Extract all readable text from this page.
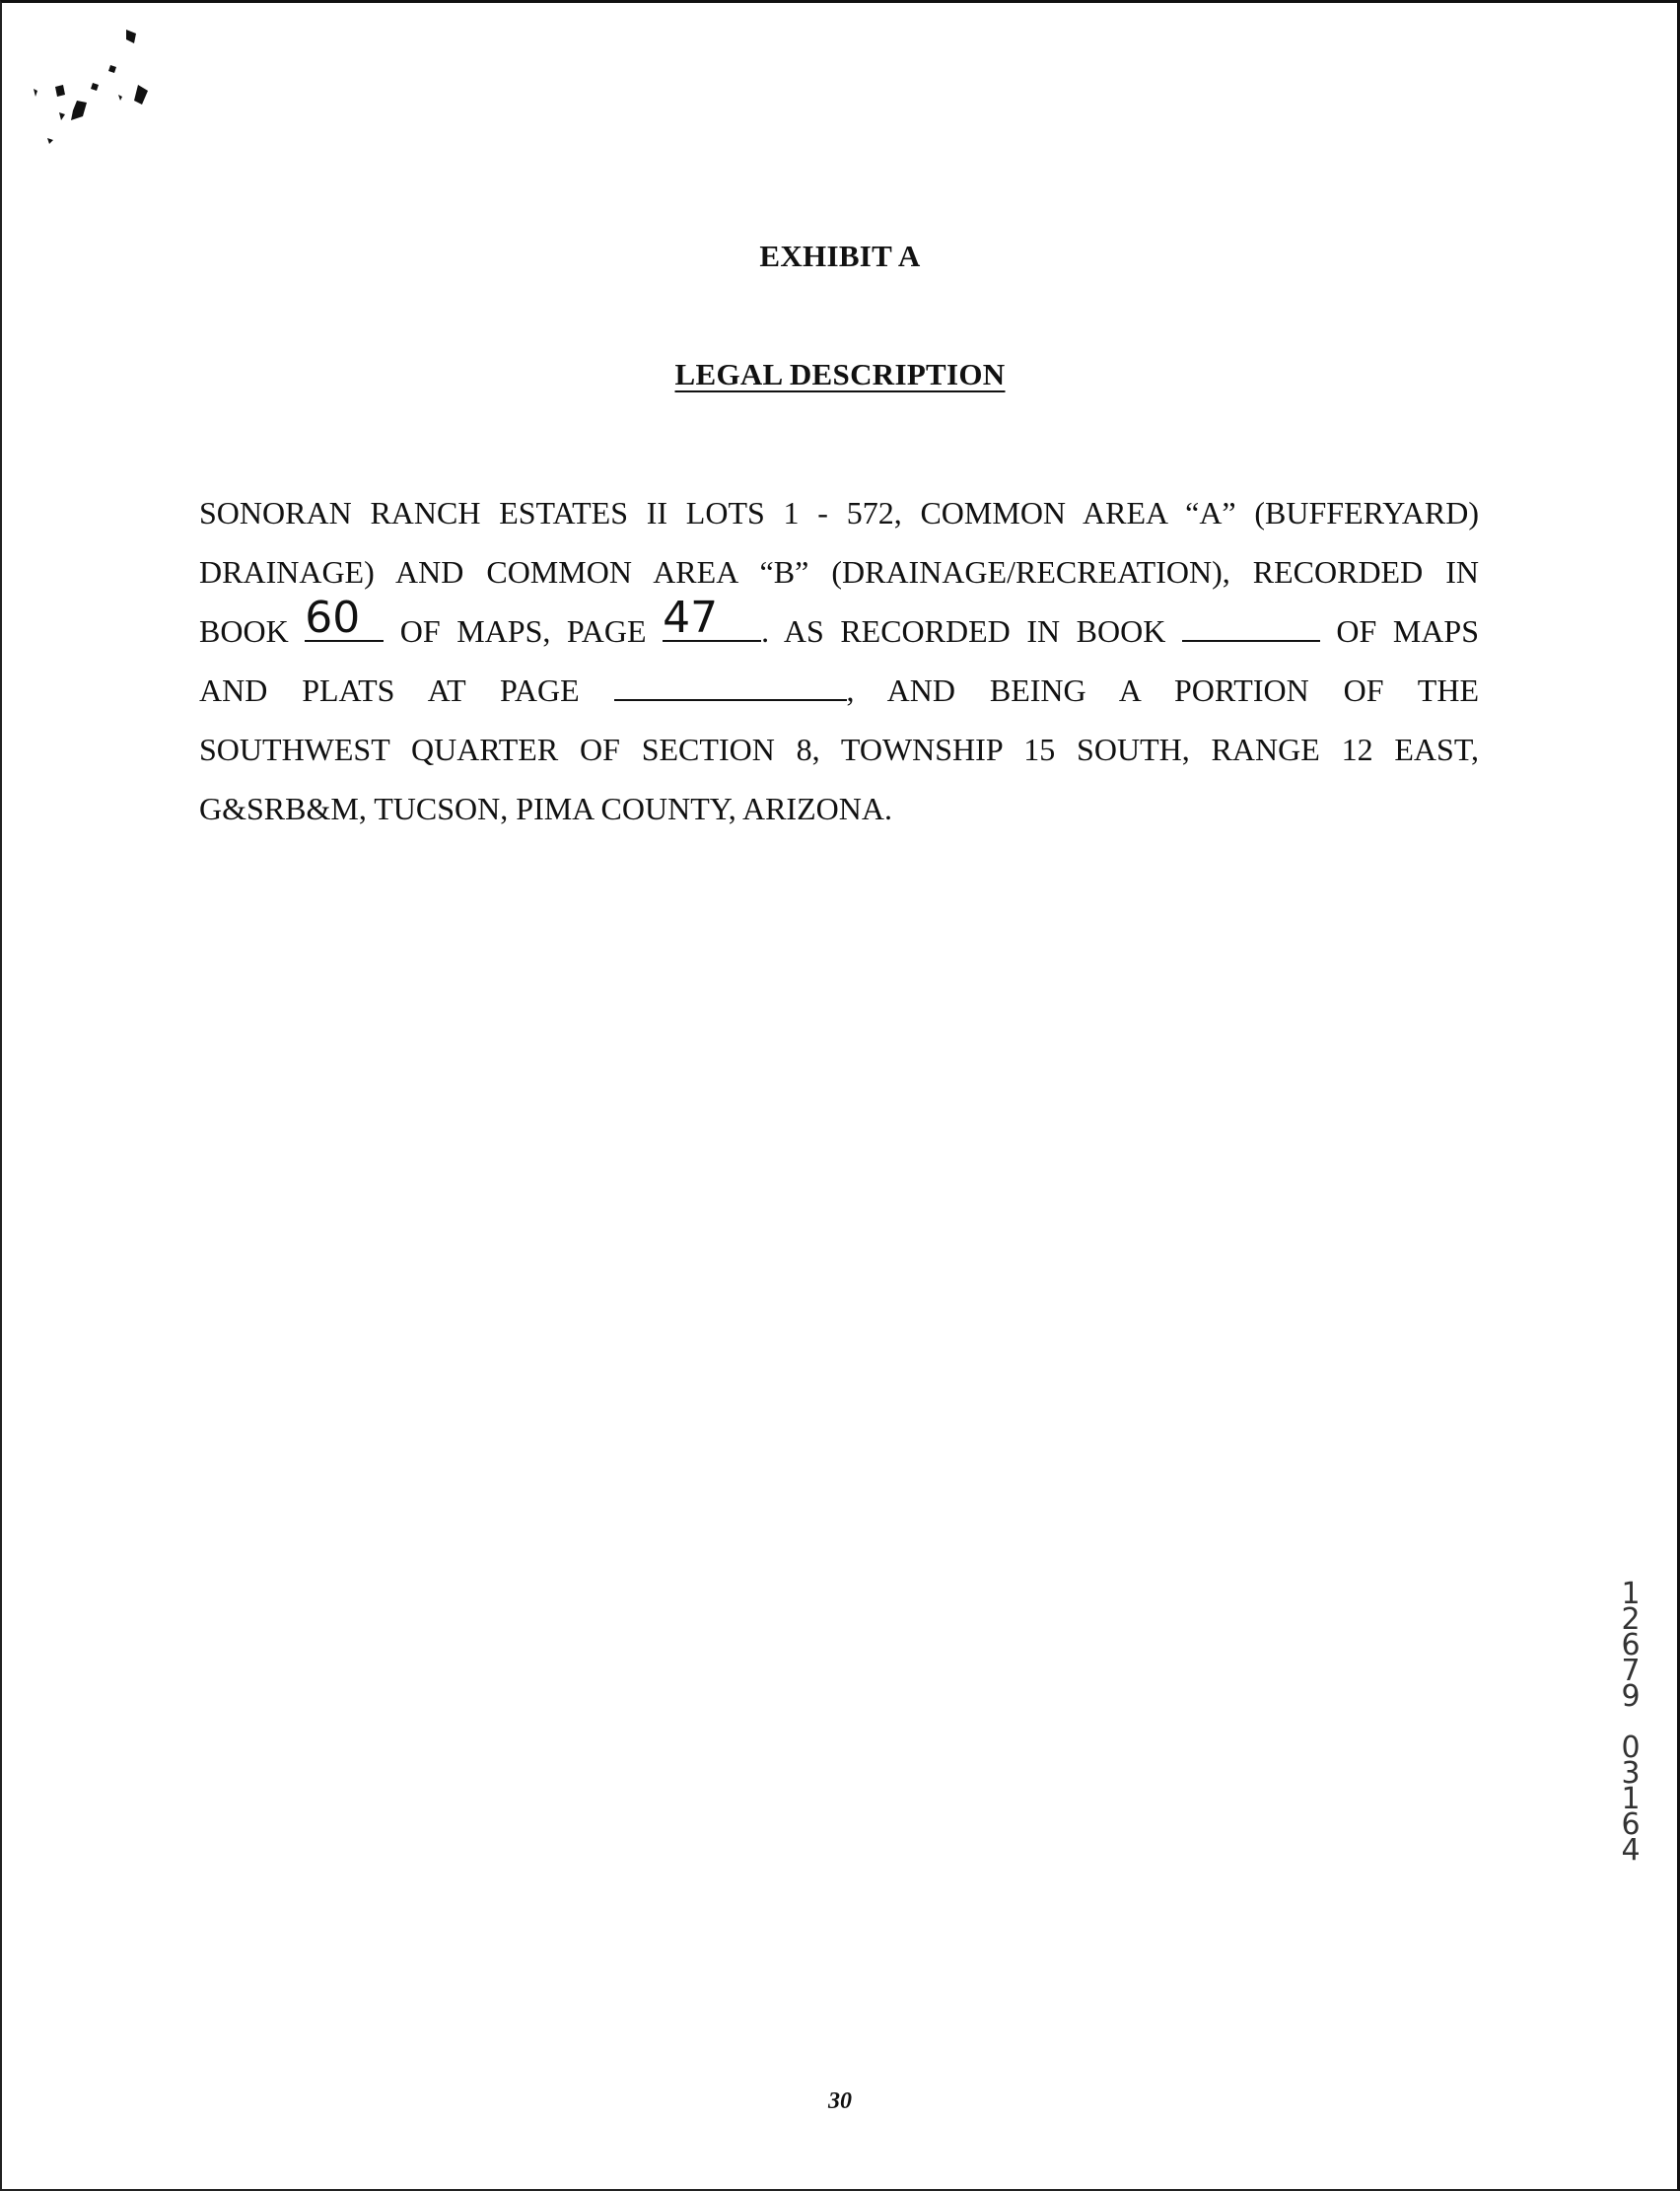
EXHIBIT A
LEGAL DESCRIPTION
SONORAN RANCH ESTATES II LOTS 1 - 572, COMMON AREA “A” (BUFFERYARD)
DRAINAGE) AND COMMON AREA “B” (DRAINAGE/RECREATION), RECORDED IN
BOOK 60	OF MAPS, PAGE 47	. AS RECORDED IN BOOK	OF MAPS
AND PLATS AT PAGE	, AND BEING A PORTION OF THE
SOUTHWEST QUARTER OF SECTION 8, TOWNSHIP 15 SOUTH, RANGE 12 EAST,
G&SRB&M, TUCSON, PIMA COUNTY, ARIZONA.
1
2
6
7
9
0
3
1
6
4
30
